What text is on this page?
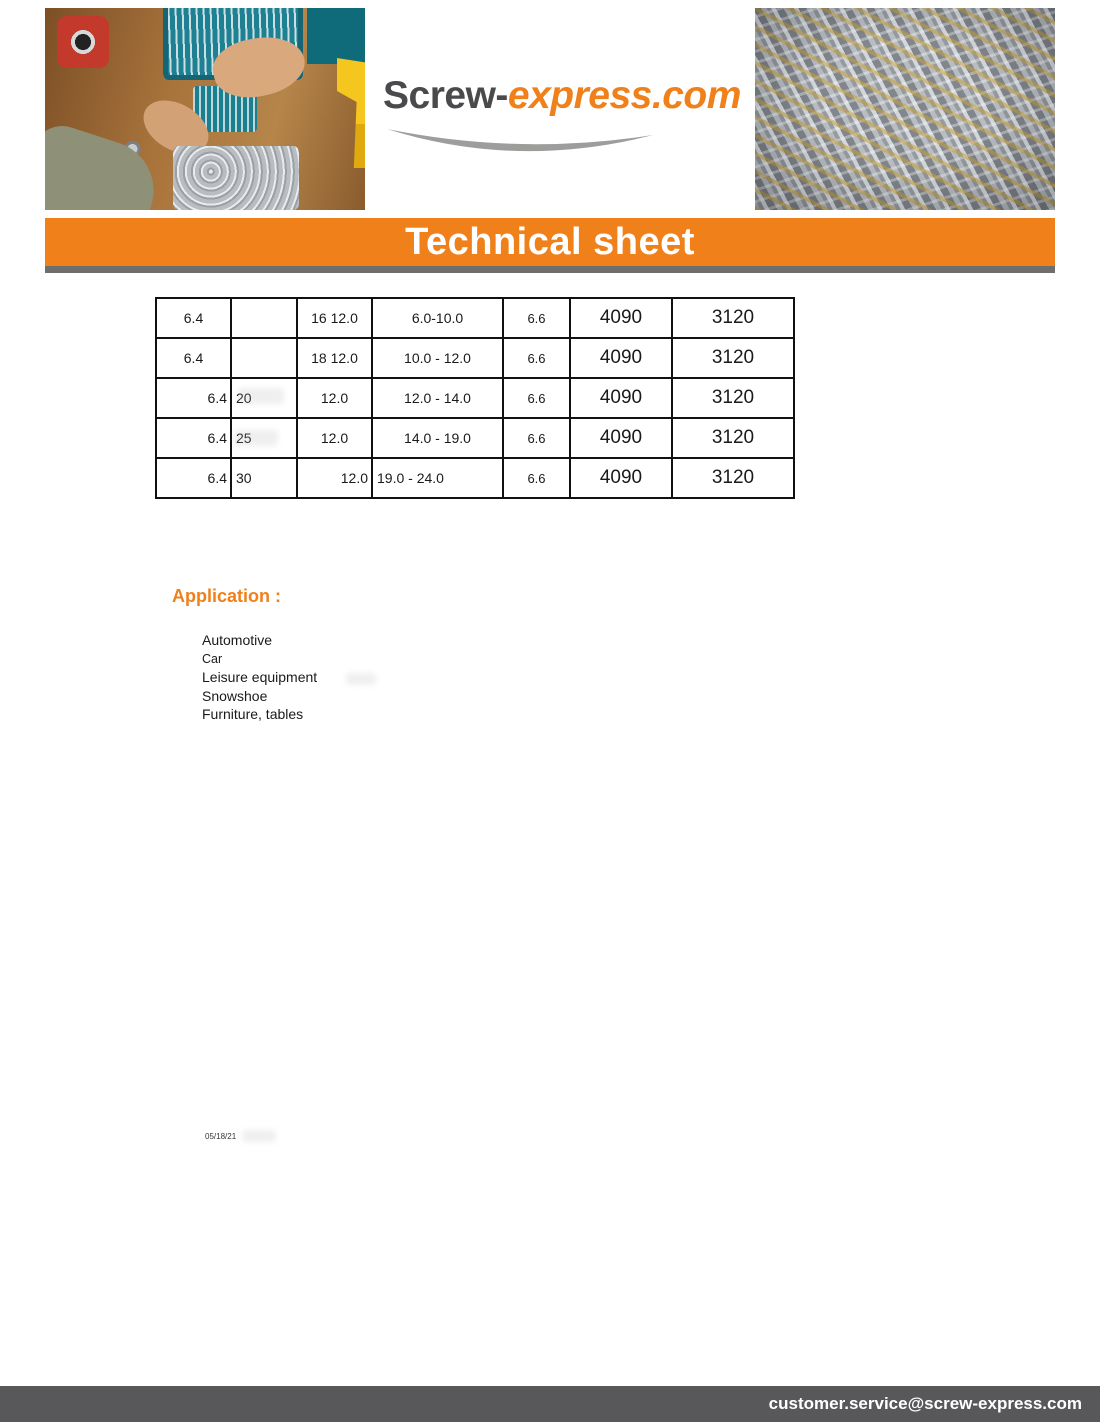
Screw-express.com
Technical sheet
6.4		16 12.0	6.0-10.0	6.6	4090	3120
6.4		18 12.0	10.0 - 12.0	6.6	4090	3120
6.4	20	12.0	12.0 - 14.0	6.6	4090	3120
6.4	25	12.0	14.0 - 19.0	6.6	4090	3120
6.4	30	12.0	19.0 - 24.0	6.6	4090	3120
Application :
Automotive
Car
Leisure equipment
Snowshoe
Furniture, tables
05/18/21
customer.service@screw-express.com
